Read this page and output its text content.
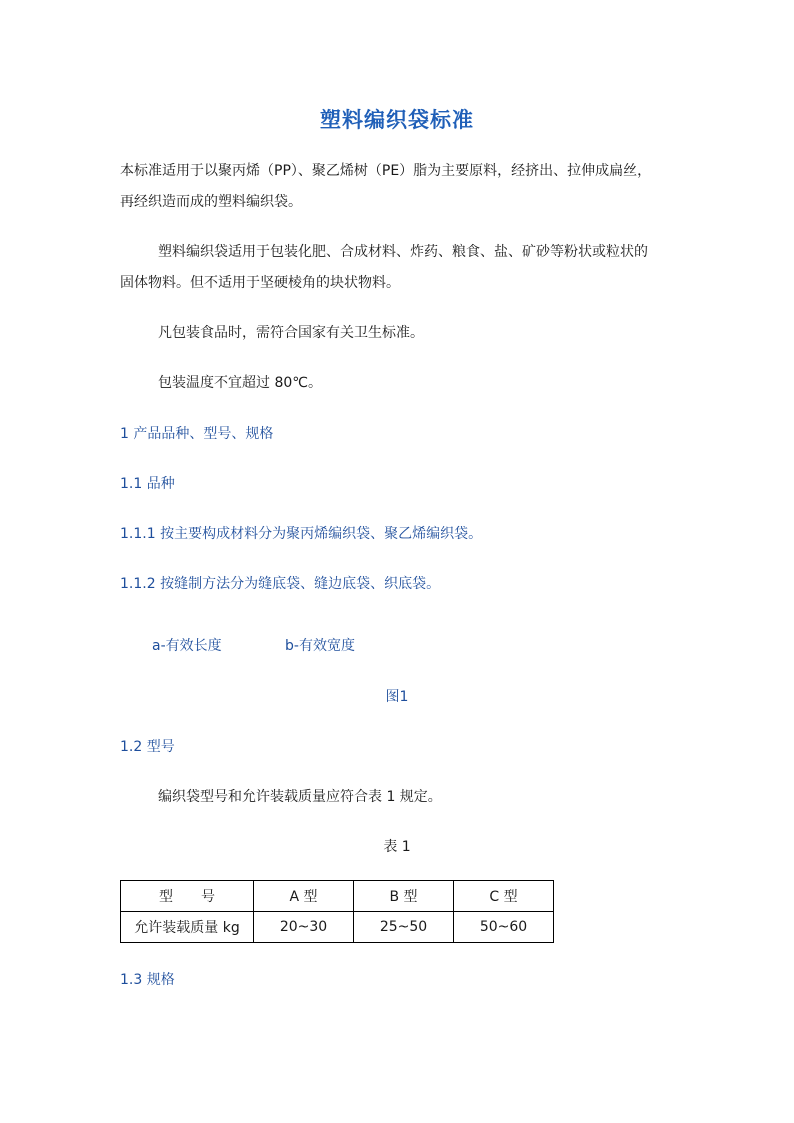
塑料编织袋标准
本标准适用于以聚丙烯（PP）、聚乙烯树（PE）脂为主要原料，经挤出、拉伸成扁丝，
再经织造而成的塑料编织袋。
塑料编织袋适用于包装化肥、合成材料、炸药、粮食、盐、矿砂等粉状或粒状的
固体物料。但不适用于坚硬棱角的块状物料。
凡包装食品时，需符合国家有关卫生标准。
包装温度不宜超过 80℃。
1 产品品种、型号、规格
1.1 品种
1.1.1 按主要构成材料分为聚丙烯编织袋、聚乙烯编织袋。
1.1.2 按缝制方法分为缝底袋、缝边底袋、织底袋。
a-有效长度	b-有效宽度
图1
1.2 型号
编织袋型号和允许装载质量应符合表 1 规定。
表 1
型　　号	A 型	B 型	C 型
允许装载质量 kg	20~30	25~50	50~60
1.3 规格
